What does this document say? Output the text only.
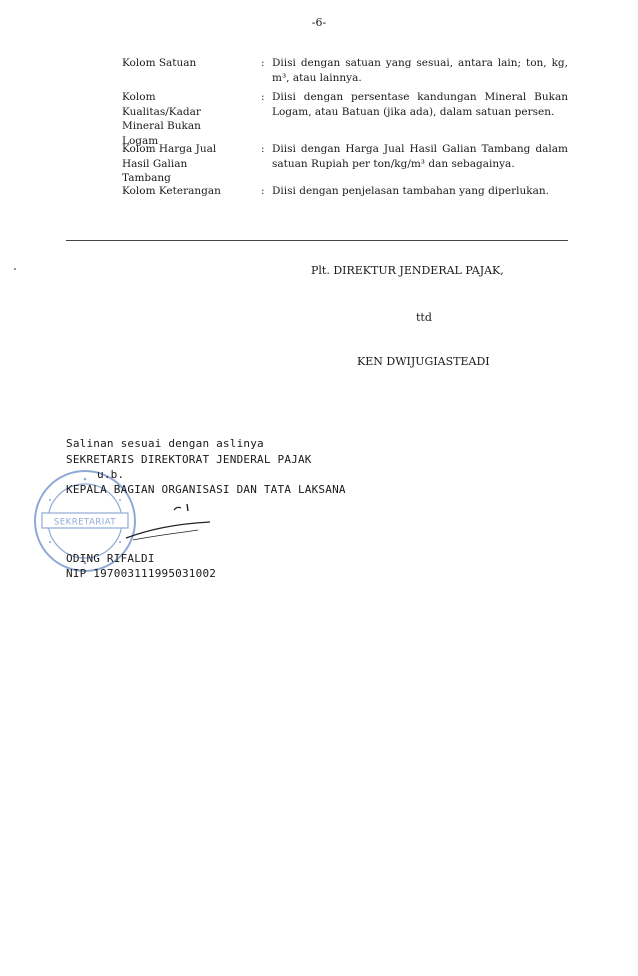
-6-
Kolom Satuan	: Diisi dengan satuan yang sesuai, antara lain; ton, kg, m³, atau lainnya.
Kolom
Kualitas/Kadar
Mineral Bukan
Logam
: Diisi dengan persentase kandungan Mineral Bukan Logam, atau Batuan (jika ada), dalam satuan persen.
Kolom Harga Jual
Hasil Galian
Tambang
: Diisi dengan Harga Jual Hasil Galian Tambang dalam satuan Rupiah per ton/kg/m³ dan sebagainya.
Kolom Keterangan	: Diisi dengan penjelasan tambahan yang diperlukan.
Plt. DIREKTUR JENDERAL PAJAK,
ttd
KEN DWIJUGIASTEADI
SEKRETARIAT
Salinan sesuai dengan aslinya
SEKRETARIS DIREKTORAT JENDERAL PAJAK
u.b.
KEPALA BAGIAN ORGANISASI DAN TATA LAKSANA
ODING RIFALDI
NIP 197003111995031002
